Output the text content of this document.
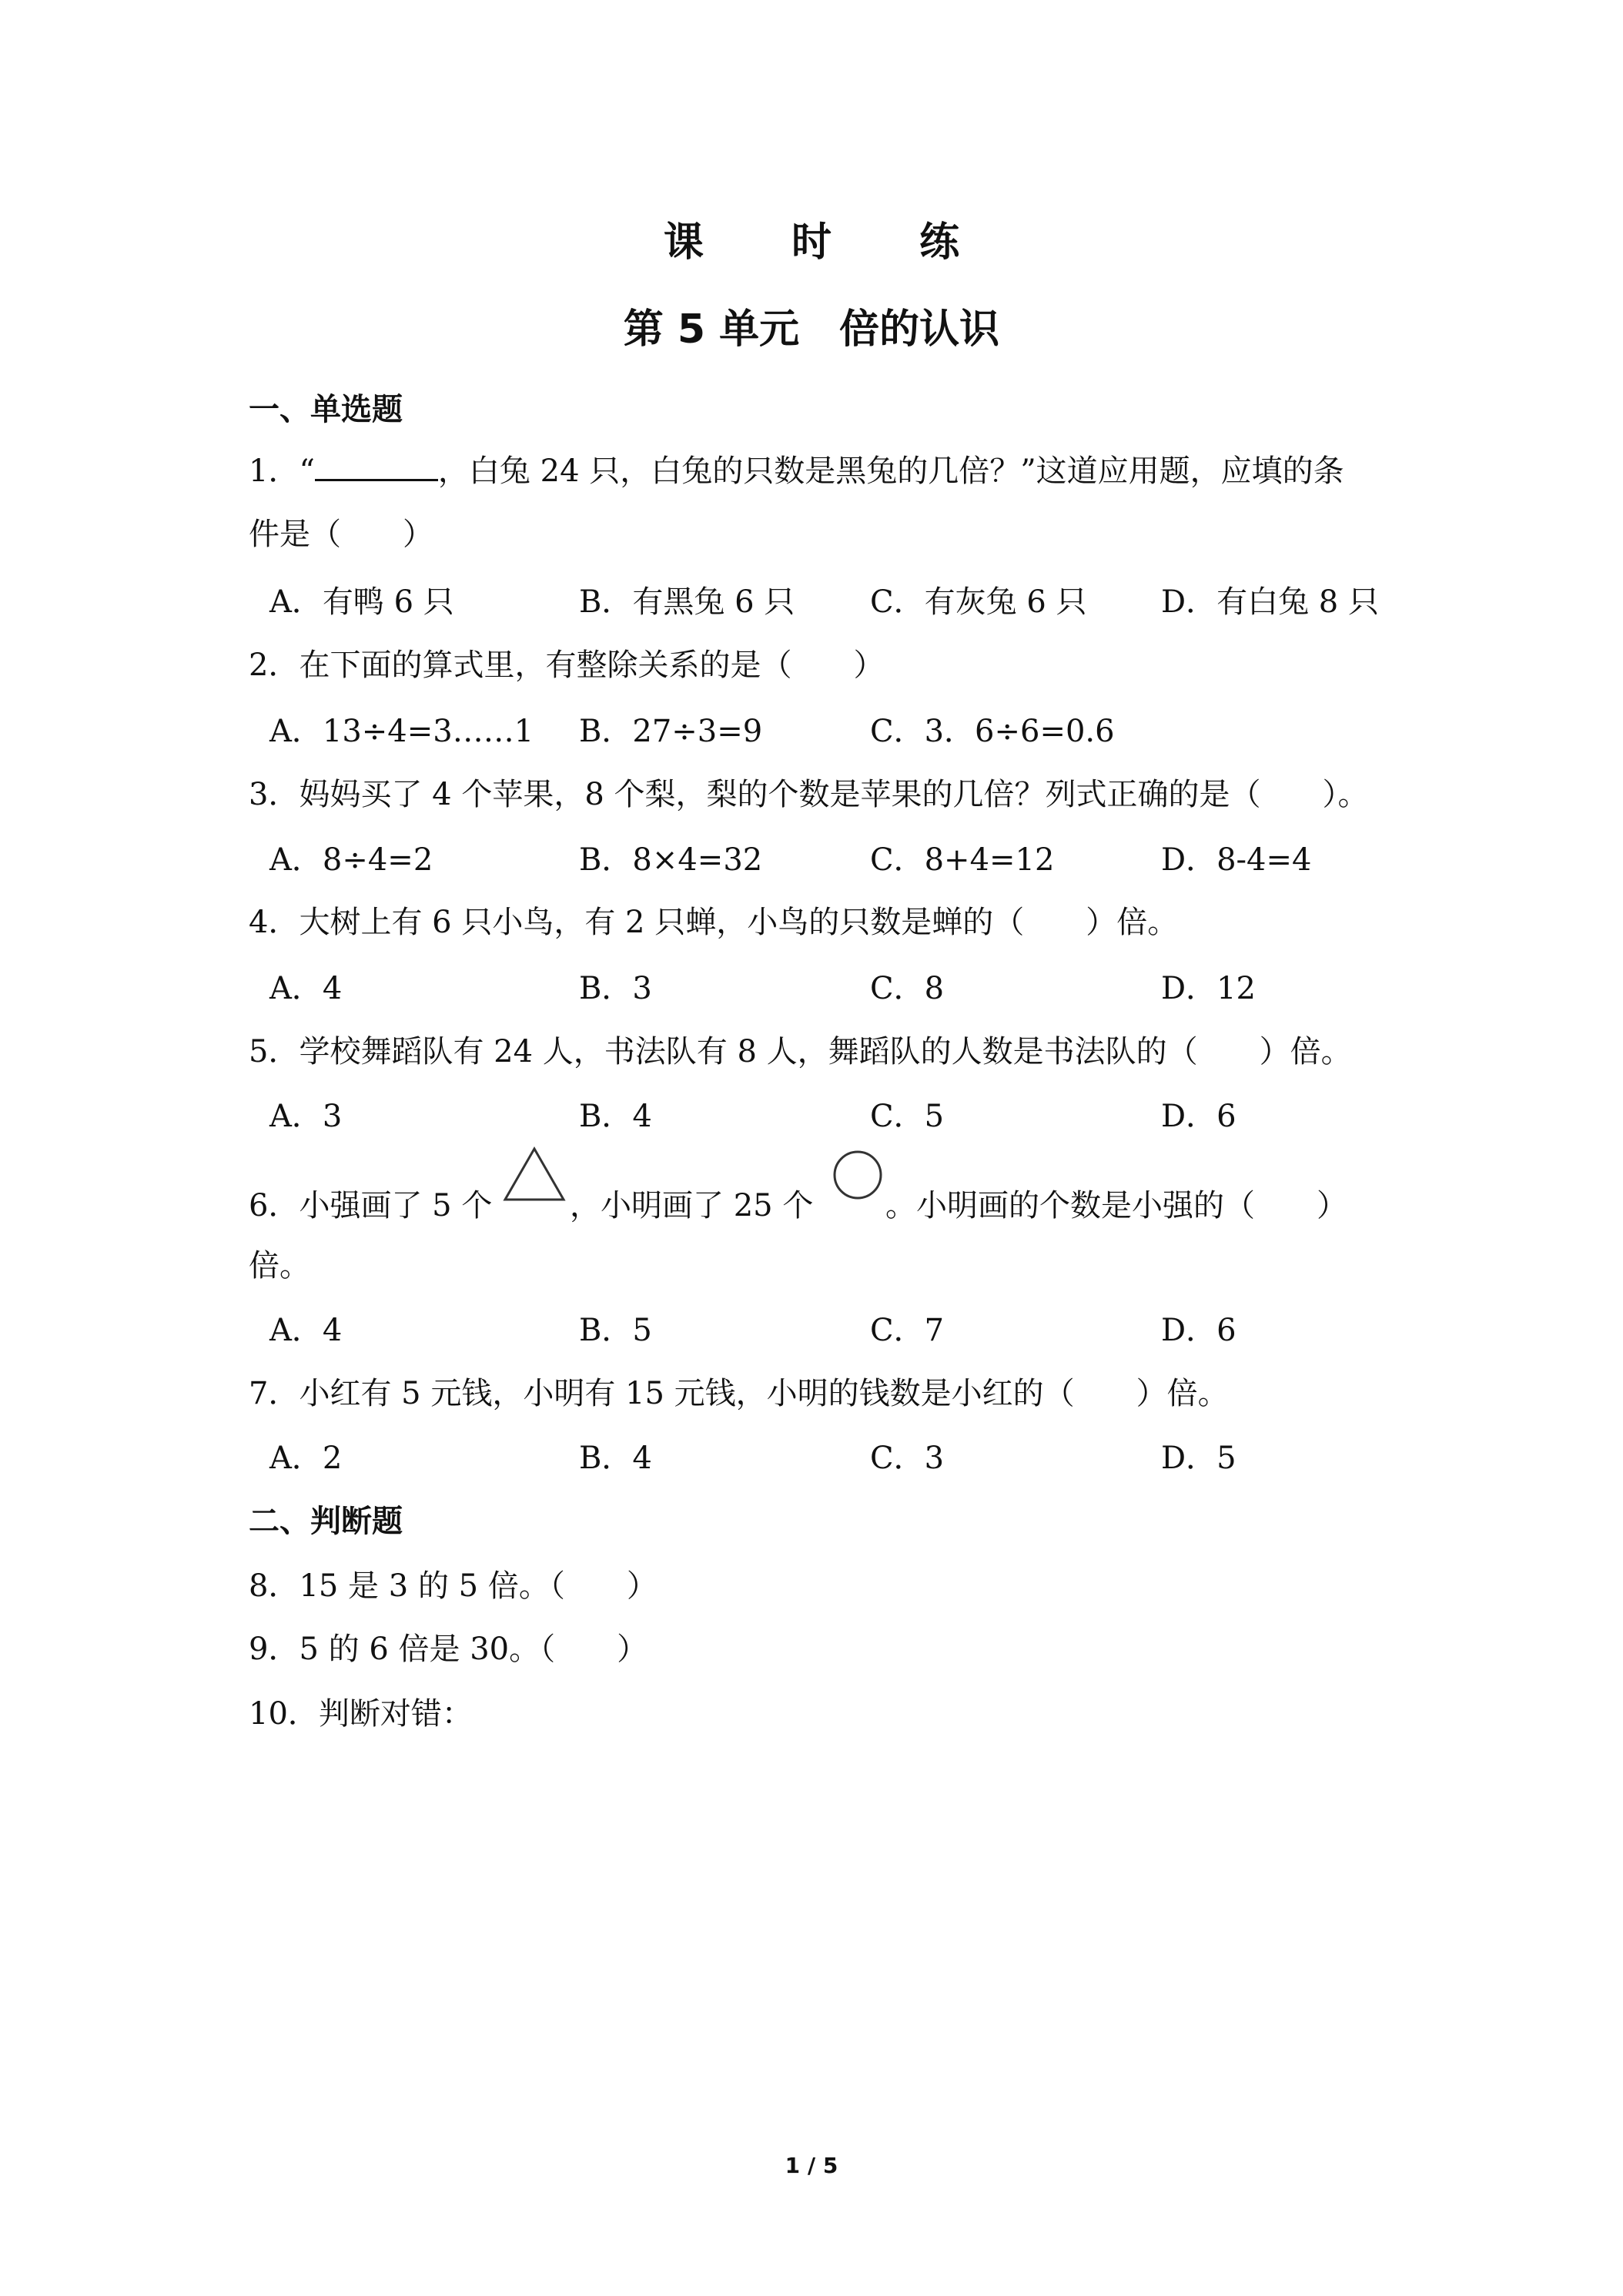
课 时 练
第 5 单元　倍的认识
一、单选题
1．“	，白兔 24 只，白兔的只数是黑兔的几倍？”这道应用题，应填的条
件是（　　）
A．有鸭 6 只	B．有黑兔 6 只 C．有灰兔 6 只 D．有白兔 8 只
2．在下面的算式里，有整除关系的是（　　）
A．13÷4=3……1 B．27÷3=9	C．3．6÷6=0.6
3．妈妈买了 4 个苹果，8 个梨，梨的个数是苹果的几倍？列式正确的是（　　）。
A．8÷4=2	B．8×4=32	C．8+4=12	D．8-4=4
4．大树上有 6 只小鸟，有 2 只蝉，小鸟的只数是蝉的（　　）倍。
A．4	B．3	C．8	D．12
5．学校舞蹈队有 24 人，书法队有 8 人，舞蹈队的人数是书法队的（　　）倍。
A．3	B．4	C．5	D．6
6．小强画了 5 个	，小明画了 25 个 。小明画的个数是小强的（　　）
倍。
A．4	B．5	C．7	D．6
7．小红有 5 元钱，小明有 15 元钱，小明的钱数是小红的（　　）倍。
A．2	B．4	C．3	D．5
二、判断题
8．15 是 3 的 5 倍。（　　）
9．5 的 6 倍是 30。（　　）
10．判断对错：
1 / 5
